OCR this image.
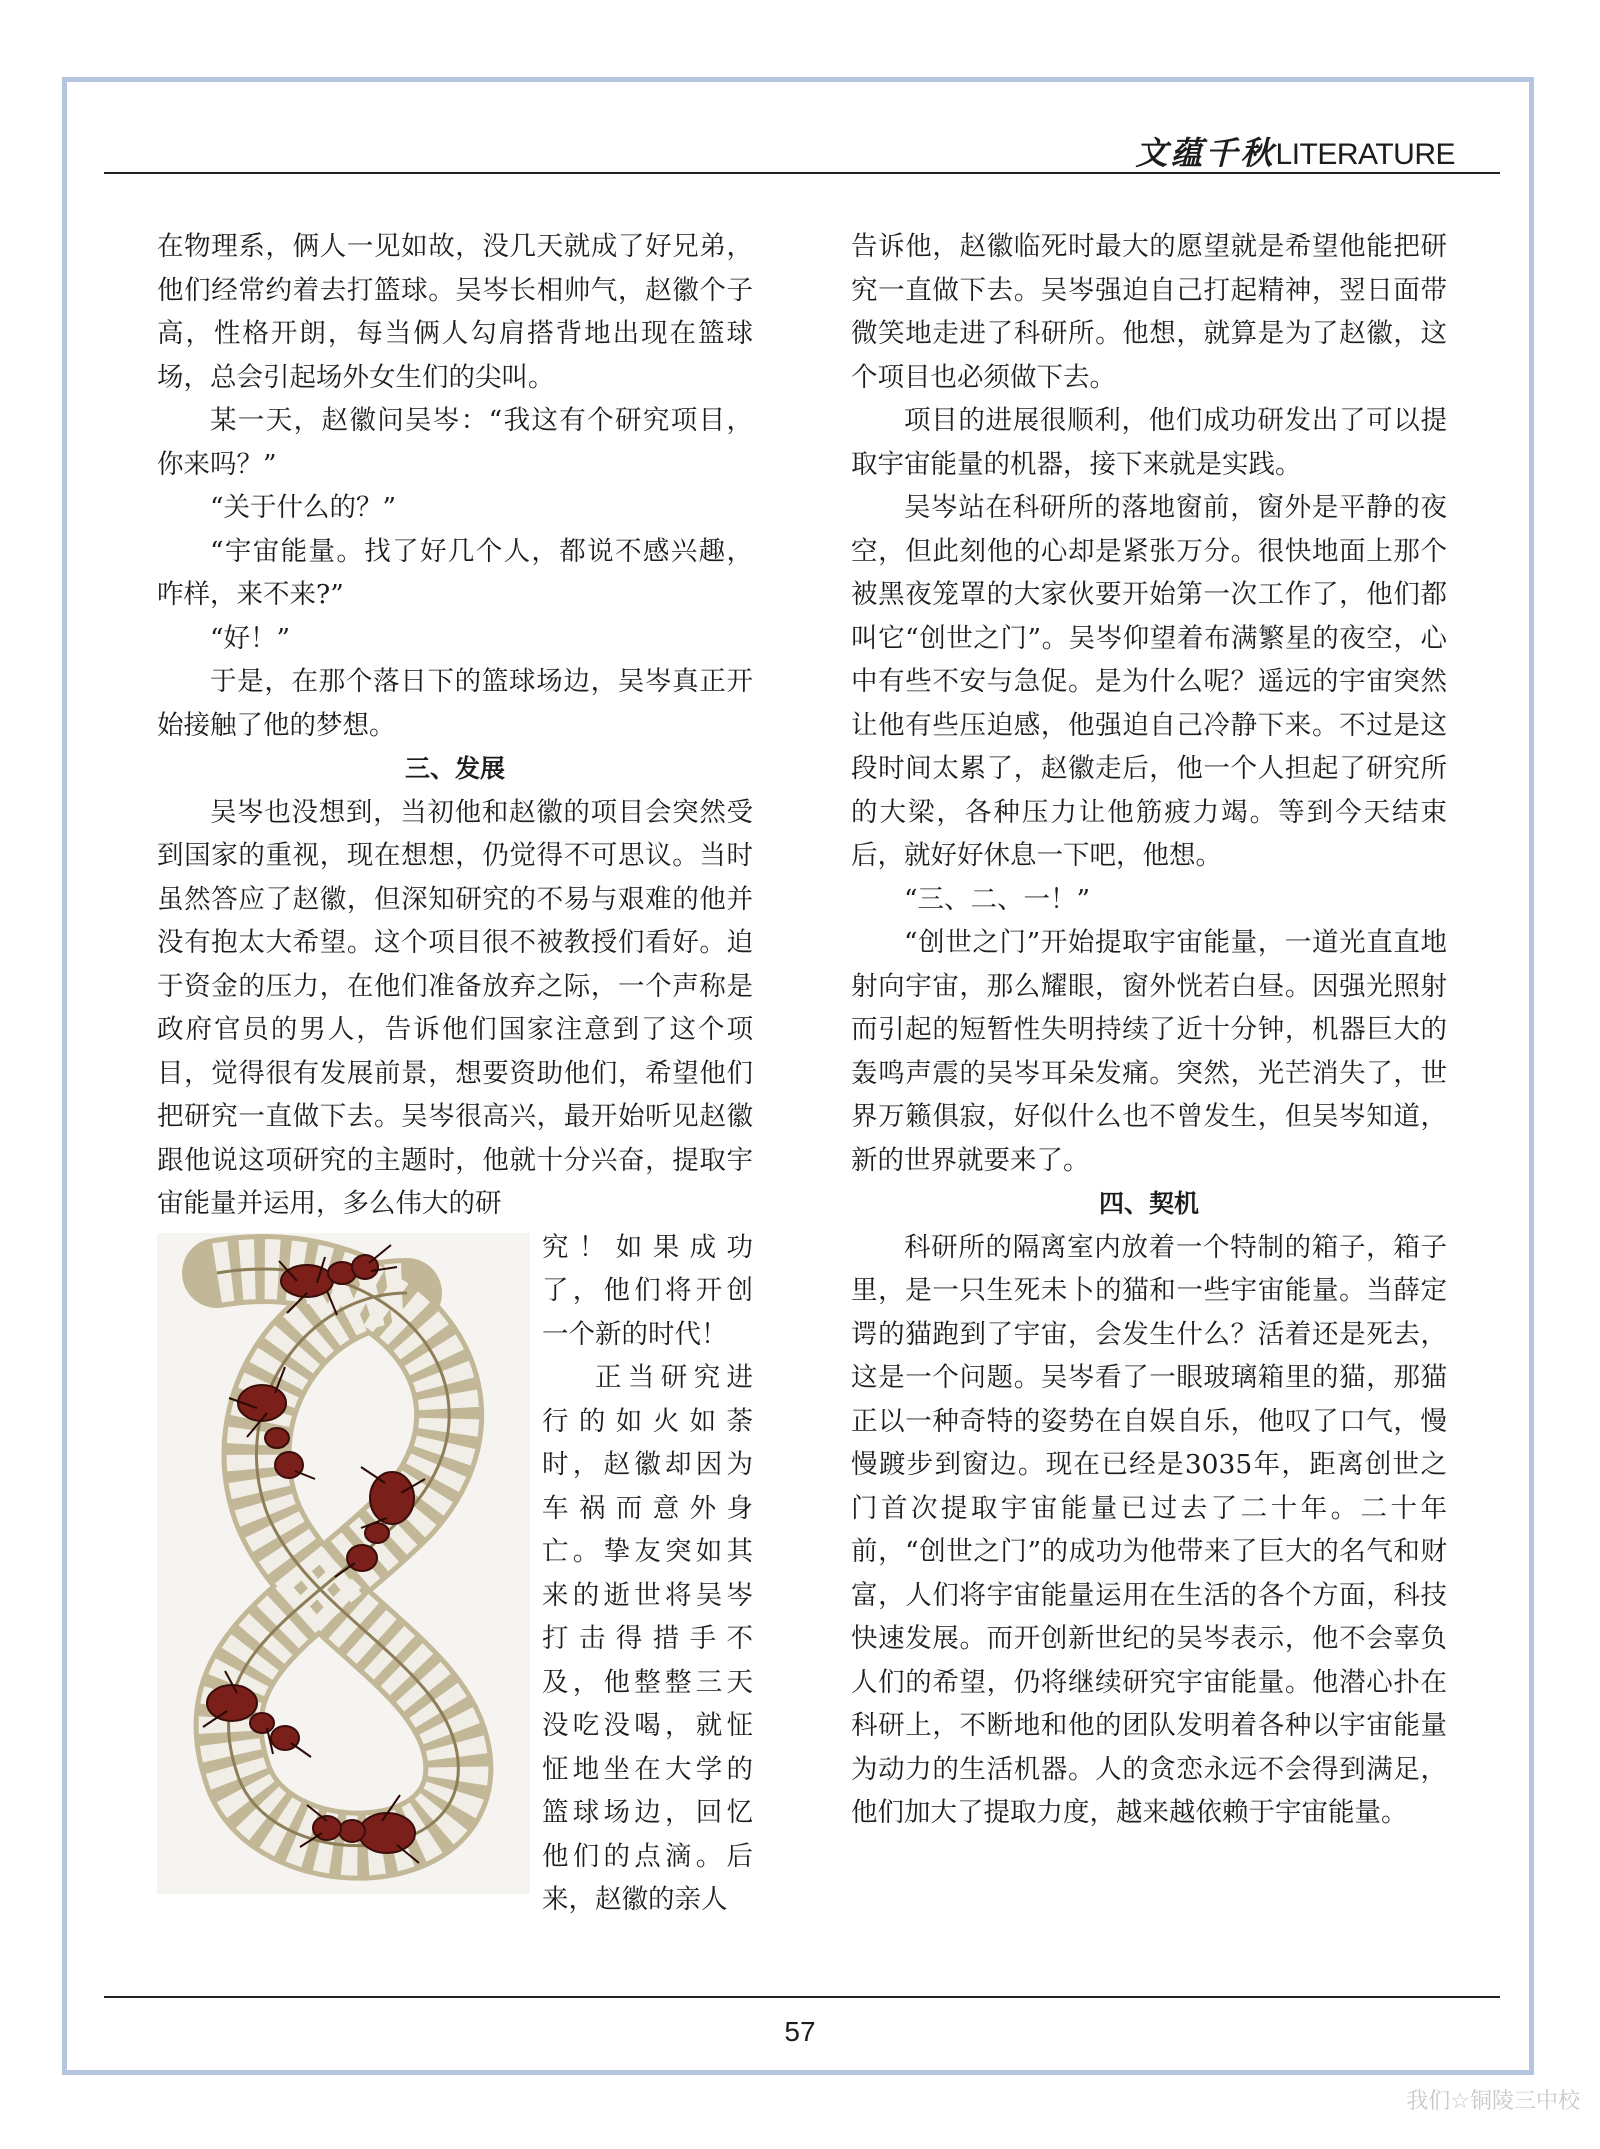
文蕴千秋LITERATURE

在物理系，俩人一见如故，没几天就成了好兄弟，他们经常约着去打篮球。吴岑长相帅气，赵徽个子高，性格开朗，每当俩人勾肩搭背地出现在篮球场，总会引起场外女生们的尖叫。

某一天，赵徽问吴岑：“我这有个研究项目，你来吗？”

“关于什么的？”

“宇宙能量。找了好几个人，都说不感兴趣，咋样，来不来?”

“好！”

于是，在那个落日下的篮球场边，吴岑真正开始接触了他的梦想。

三、发展

吴岑也没想到，当初他和赵徽的项目会突然受到国家的重视，现在想想，仍觉得不可思议。当时虽然答应了赵徽，但深知研究的不易与艰难的他并没有抱太大希望。这个项目很不被教授们看好。迫于资金的压力，在他们准备放弃之际，一个声称是政府官员的男人，告诉他们国家注意到了这个项目，觉得很有发展前景，想要资助他们，希望他们把研究一直做下去。吴岑很高兴，最开始听见赵徽跟他说这项研究的主题时，他就十分兴奋，提取宇宙能量并运用，多么伟大的研

究！如果成功了，他们将开创一个新的时代！

正当研究进行的如火如荼时，赵徽却因为车祸而意外身亡。挚友突如其来的逝世将吴岑打击得措手不及，他整整三天没吃没喝，就怔怔地坐在大学的篮球场边，回忆他们的点滴。后来，赵徽的亲人

告诉他，赵徽临死时最大的愿望就是希望他能把研究一直做下去。吴岑强迫自己打起精神，翌日面带微笑地走进了科研所。他想，就算是为了赵徽，这个项目也必须做下去。

项目的进展很顺利，他们成功研发出了可以提取宇宙能量的机器，接下来就是实践。

吴岑站在科研所的落地窗前，窗外是平静的夜空，但此刻他的心却是紧张万分。很快地面上那个被黑夜笼罩的大家伙要开始第一次工作了，他们都叫它“创世之门”。吴岑仰望着布满繁星的夜空，心中有些不安与急促。是为什么呢？遥远的宇宙突然让他有些压迫感，他强迫自己冷静下来。不过是这段时间太累了，赵徽走后，他一个人担起了研究所的大梁，各种压力让他筋疲力竭。等到今天结束后，就好好休息一下吧，他想。

“三、二、一！”

“创世之门”开始提取宇宙能量，一道光直直地射向宇宙，那么耀眼，窗外恍若白昼。因强光照射而引起的短暂性失明持续了近十分钟，机器巨大的轰鸣声震的吴岑耳朵发痛。突然，光芒消失了，世界万籁俱寂，好似什么也不曾发生，但吴岑知道，新的世界就要来了。

四、契机

科研所的隔离室内放着一个特制的箱子，箱子里，是一只生死未卜的猫和一些宇宙能量。当薛定谔的猫跑到了宇宙，会发生什么？活着还是死去，这是一个问题。吴岑看了一眼玻璃箱里的猫，那猫正以一种奇特的姿势在自娱自乐，他叹了口气，慢慢踱步到窗边。现在已经是3035年，距离创世之门首次提取宇宙能量已过去了二十年。二十年前，“创世之门”的成功为他带来了巨大的名气和财富，人们将宇宙能量运用在生活的各个方面，科技快速发展。而开创新世纪的吴岑表示，他不会辜负人们的希望，仍将继续研究宇宙能量。他潜心扑在科研上，不断地和他的团队发明着各种以宇宙能量为动力的生活机器。人的贪恋永远不会得到满足，他们加大了提取力度，越来越依赖于宇宙能量。

57
我们☆铜陵三中校
